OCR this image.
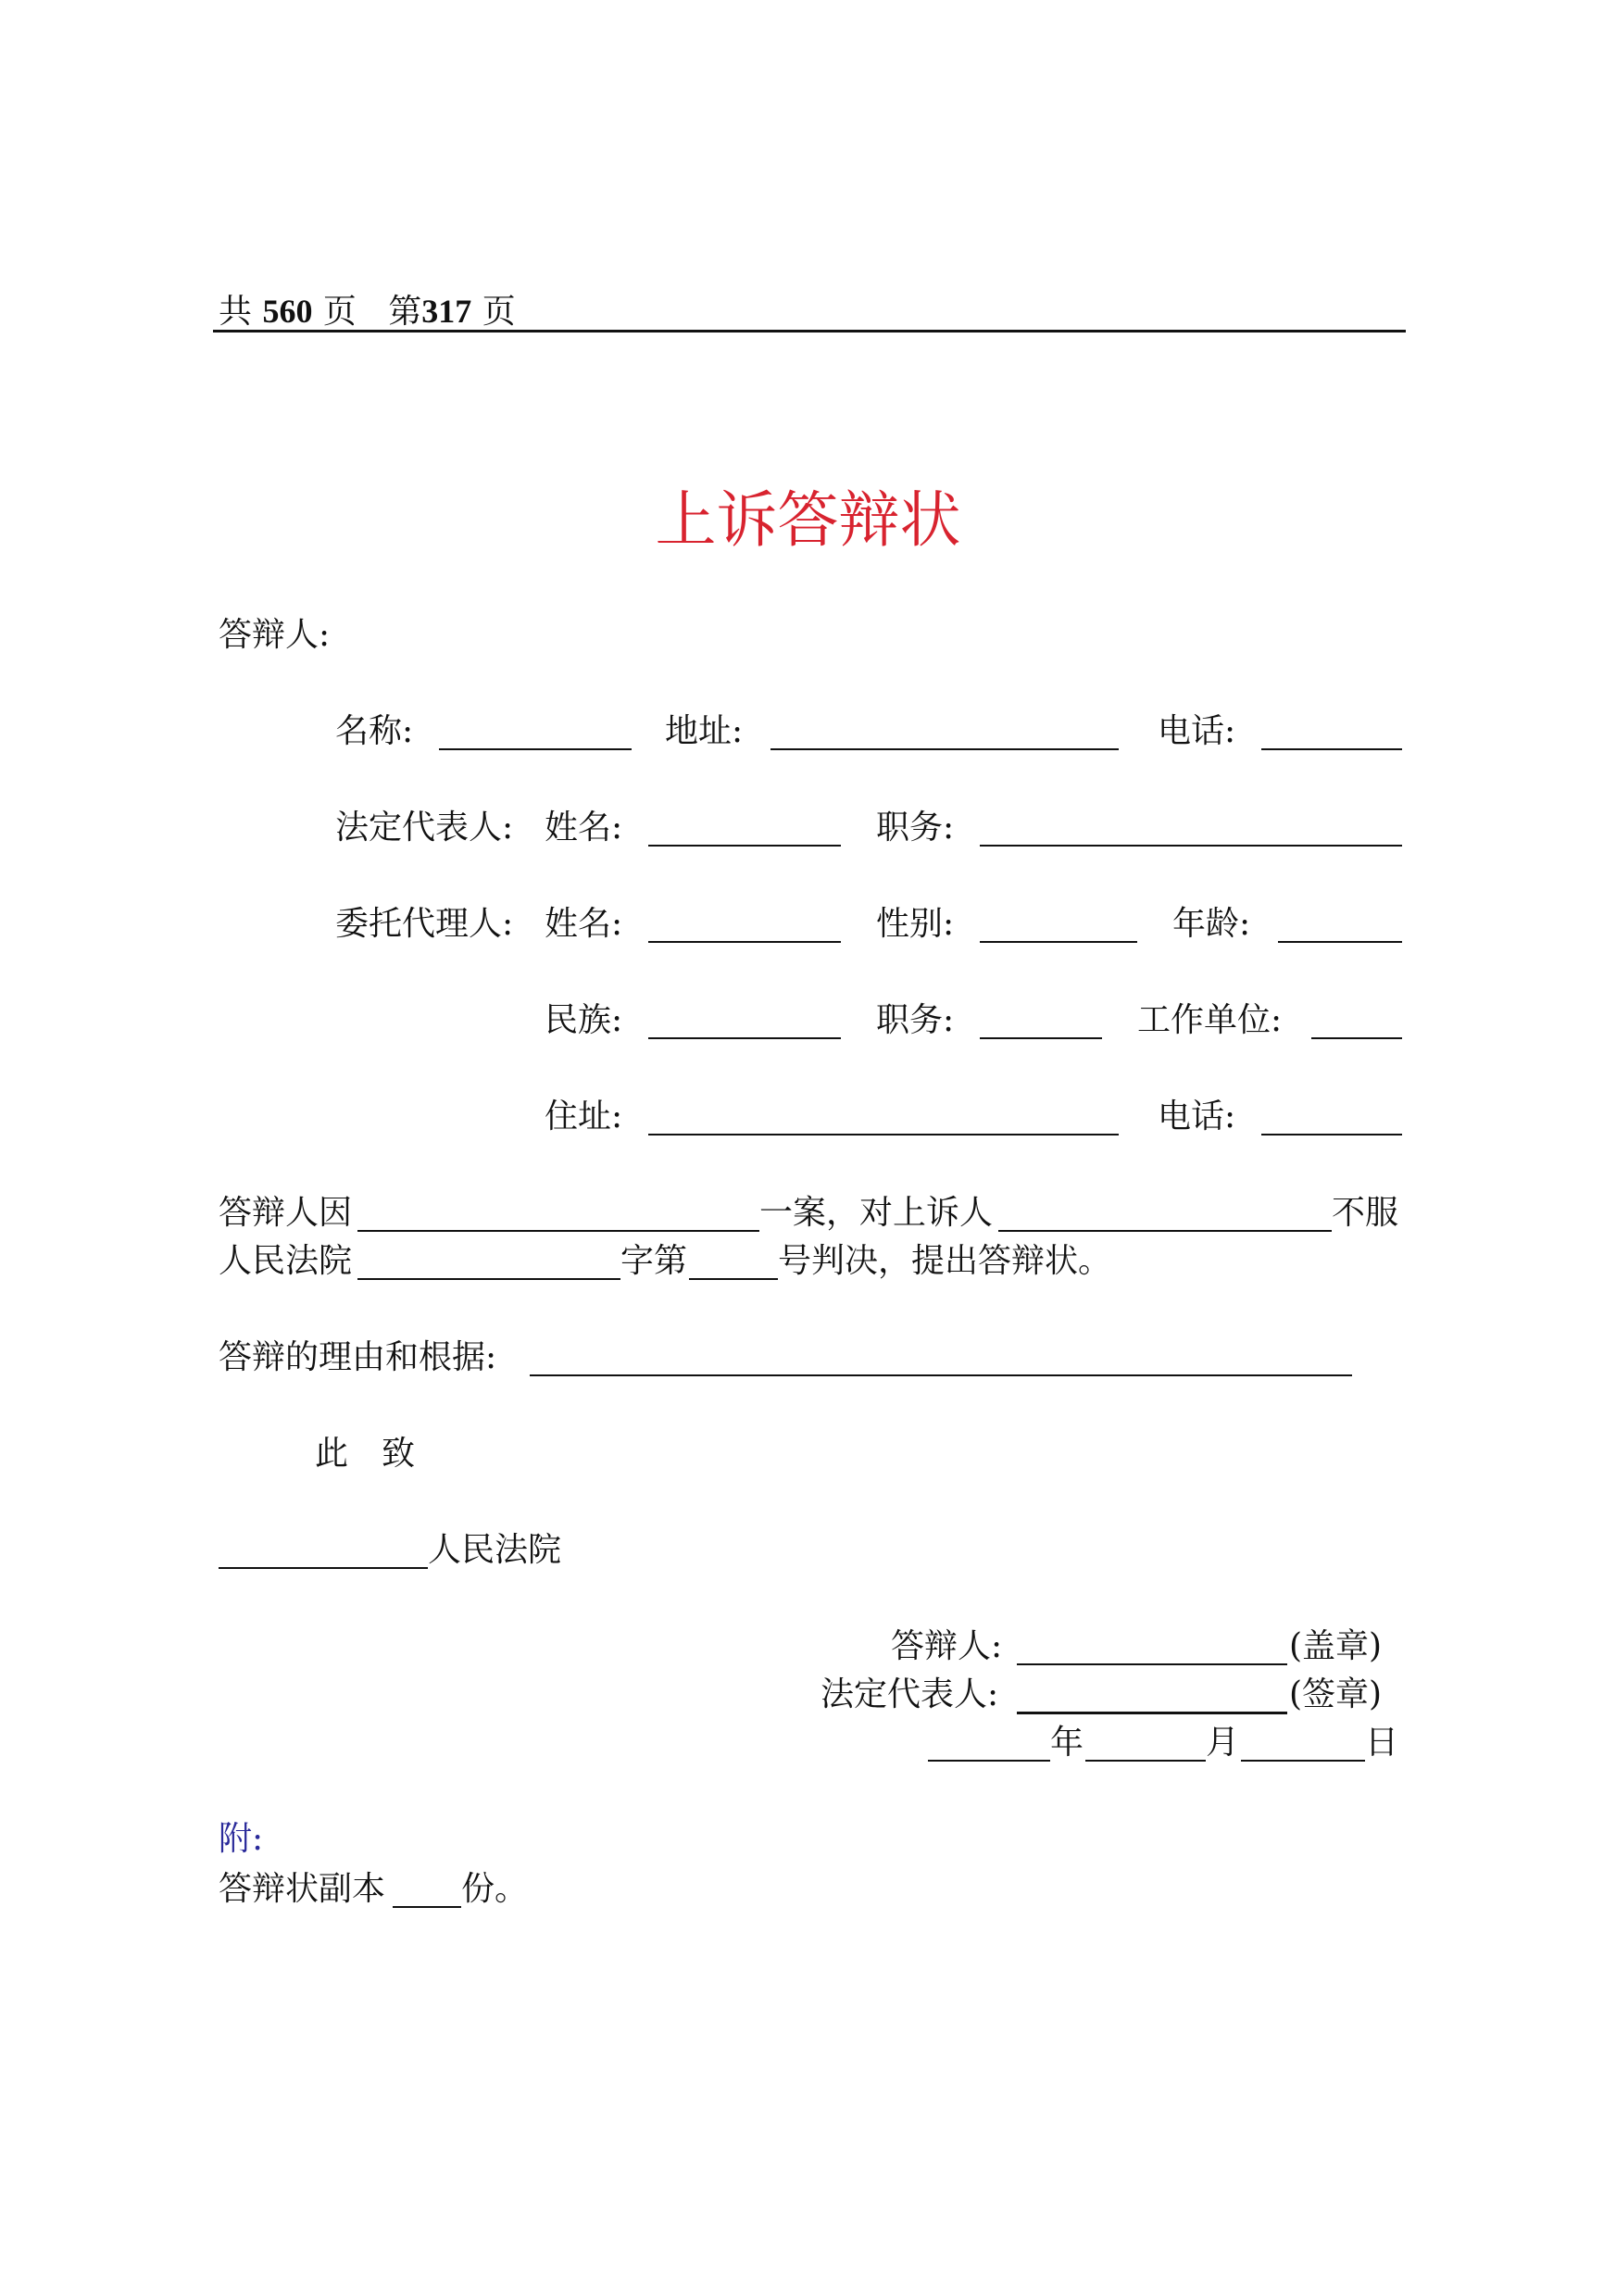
共 560 页 第317 页
上诉答辩状
答辩人:
名称:	地址:	电话:
法定代表人: 姓名:	职务:
委托代理人: 姓名:	性别:	年龄:
民族:	职务:	工作单位:
住址:	电话:
答辩人因	一案，对上诉人	不服
人民法院	字第	号判决，提出答辩状。
答辩的理由和根据:
此　致
人民法院
答辩人:	(盖章)
法定代表人:	(签章)
年	月	日
附:
答辩状副本 份。
